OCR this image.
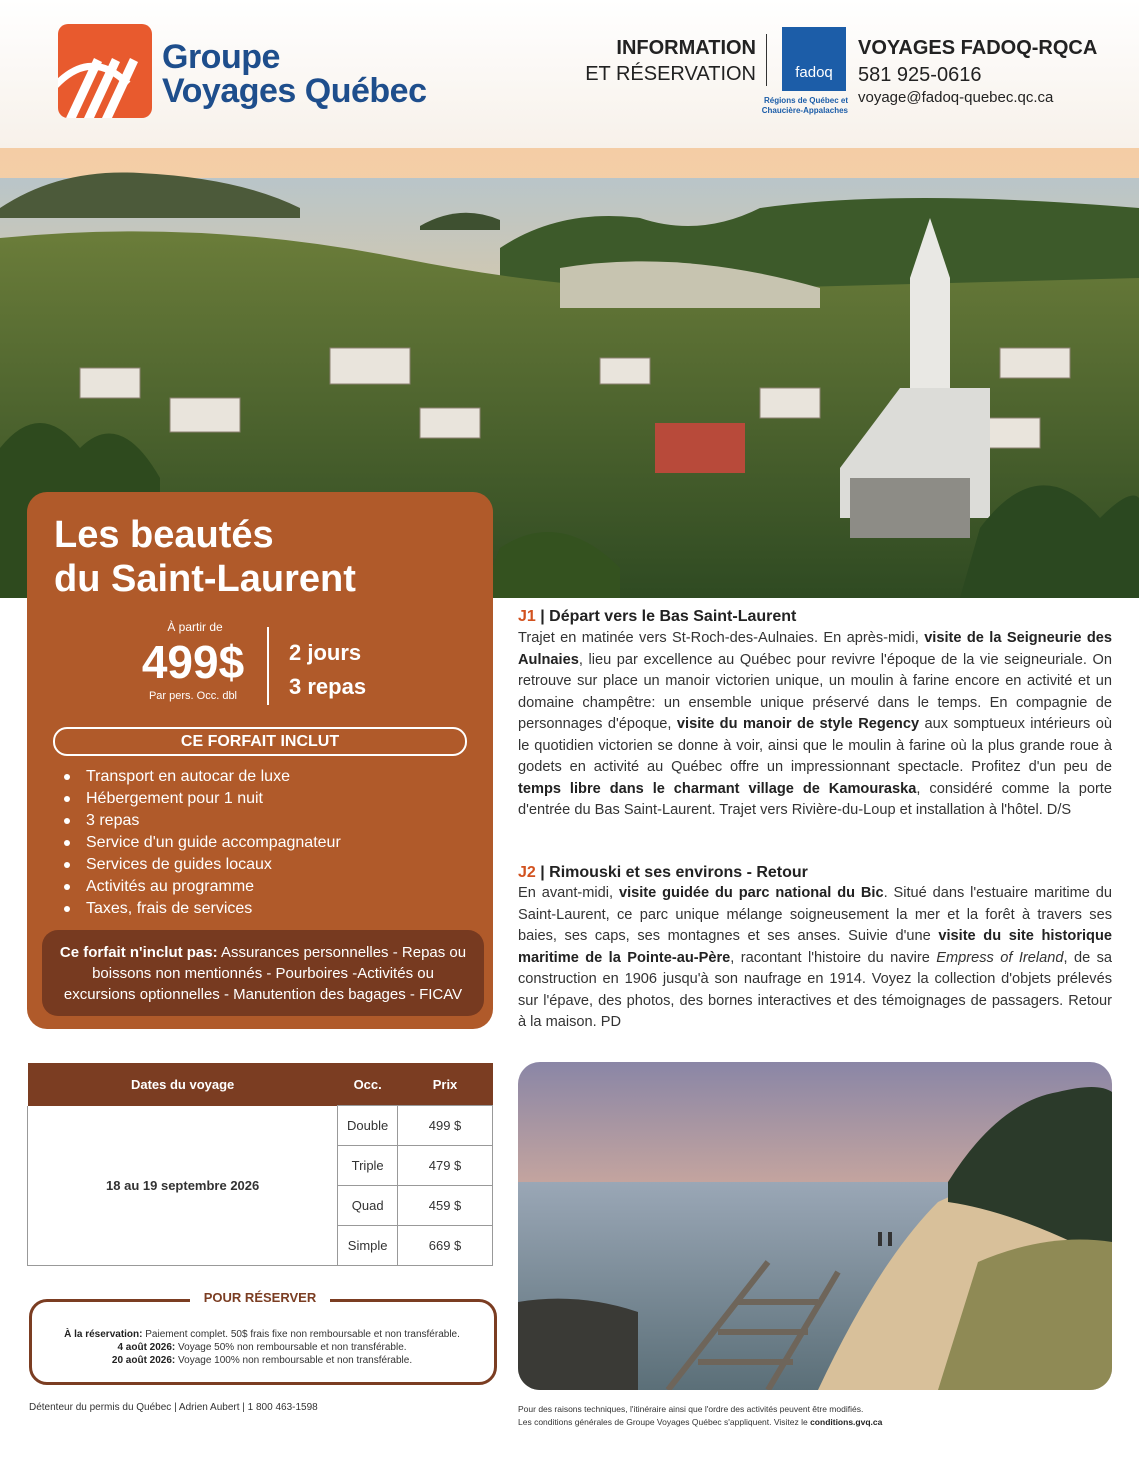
Groupe
Voyages Québec
INFORMATION
ET RÉSERVATION	fadoq
Régions de Québec et
Chaucière-Appalaches
VOYAGES FADOQ-RQCA
581 925-0616
voyage@fadoq-quebec.qc.ca
Les beautés
du Saint-Laurent
À partir de
499$
Par pers. Occ. dbl
2 jours
3 repas
CE FORFAIT INCLUT
Transport en autocar de luxe
Hébergement pour 1 nuit
3 repas
Service d'un guide accompagnateur
Services de guides locaux
Activités au programme
Taxes, frais de services
Ce forfait n'inclut pas: Assurances personnelles - Repas ou boissons non mentionnés - Pourboires -Activités ou excursions optionnelles - Manutention des bagages - FICAV
J1 | Départ vers le Bas Saint-Laurent
Trajet en matinée vers St-Roch-des-Aulnaies. En après-midi, visite de la Seigneurie des Aulnaies, lieu par excellence au Québec pour revivre l'époque de la vie seigneuriale. On retrouve sur place un manoir victorien unique, un moulin à farine encore en activité et un domaine champêtre: un ensemble unique préservé dans le temps. En compagnie de personnages d'époque, visite du manoir de style Regency aux somptueux intérieurs où le quotidien victorien se donne à voir, ainsi que le moulin à farine où la plus grande roue à godets en activité au Québec offre un impressionnant spectacle. Profitez d'un peu de temps libre dans le charmant village de Kamouraska, considéré comme la porte d'entrée du Bas Saint-Laurent. Trajet vers Rivière-du-Loup et installation à l'hôtel. D/S
J2 | Rimouski et ses environs - Retour
En avant-midi, visite guidée du parc national du Bic. Situé dans l'estuaire maritime du Saint-Laurent, ce parc unique mélange soigneusement la mer et la forêt à travers ses baies, ses caps, ses montagnes et ses anses. Suivie d'une visite du site historique maritime de la Pointe-au-Père, racontant l'histoire du navire Empress of Ireland, de sa construction en 1906 jusqu'à son naufrage en 1914. Voyez la collection d'objets prélevés sur l'épave, des photos, des bornes interactives et des témoignages de passagers. Retour à la maison. PD
Dates du voyage	Occ.	Prix
18 au 19 septembre 2026	Double	499 $
	Triple	479 $
	Quad	459 $
	Simple	669 $
POUR RÉSERVER
À la réservation: Paiement complet. 50$ frais fixe non remboursable et non transférable.
4 août 2026: Voyage 50% non remboursable et non transférable.
20 août 2026: Voyage 100% non remboursable et non transférable.
Détenteur du permis du Québec | Adrien Aubert | 1 800 463-1598	Pour des raisons techniques, l'itinéraire ainsi que l'ordre des activités peuvent être modifiés.
Les conditions générales de Groupe Voyages Québec s'appliquent. Visitez le conditions.gvq.ca
